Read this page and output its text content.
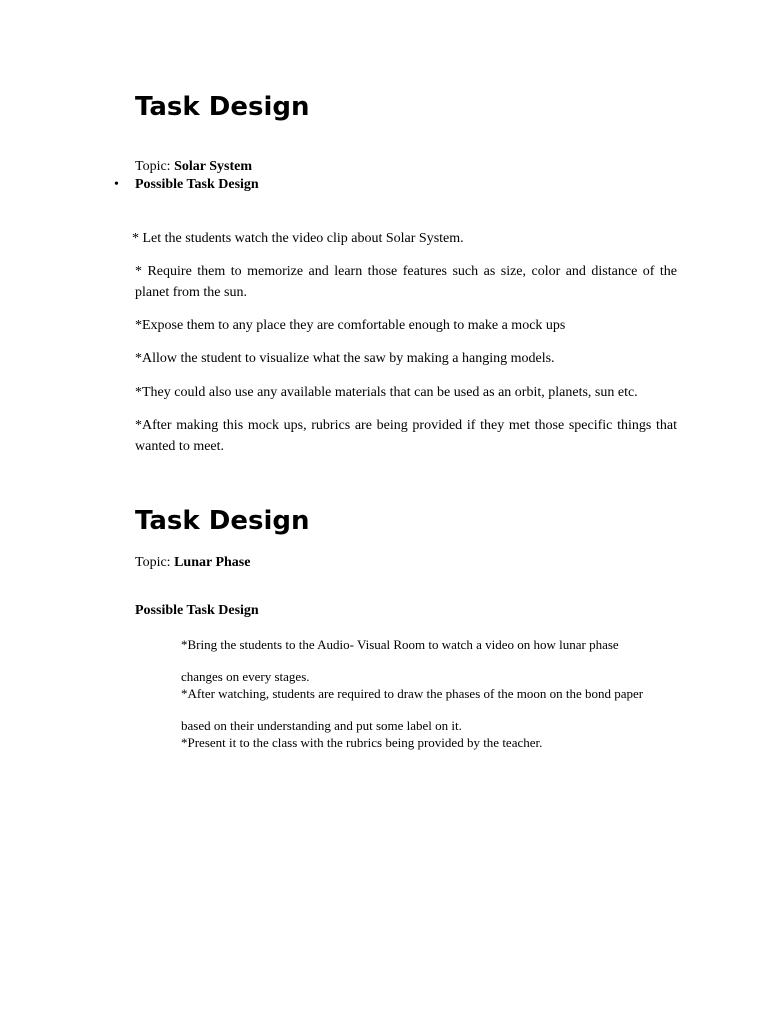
Task Design
Topic: Solar System
• Possible Task Design
* Let the students watch the video clip about Solar System.
* Require them to memorize and learn those features such as size, color and distance of the planet from the sun.
*Expose them to any place they are comfortable enough to make a mock ups
*Allow the student to visualize what the saw by making a hanging models.
*They could also use any available materials that can be used as an orbit, planets, sun etc.
*After making this mock ups, rubrics are being provided if they met those specific things that wanted to meet.
Task Design
Topic: Lunar Phase
Possible Task Design
*Bring the students to the Audio- Visual Room to watch a video on how lunar phase
changes on every stages.
*After watching, students are required to draw the phases of the moon on the bond paper
based on their understanding and put some label on it.
*Present it to the class with the rubrics being provided by the teacher.
